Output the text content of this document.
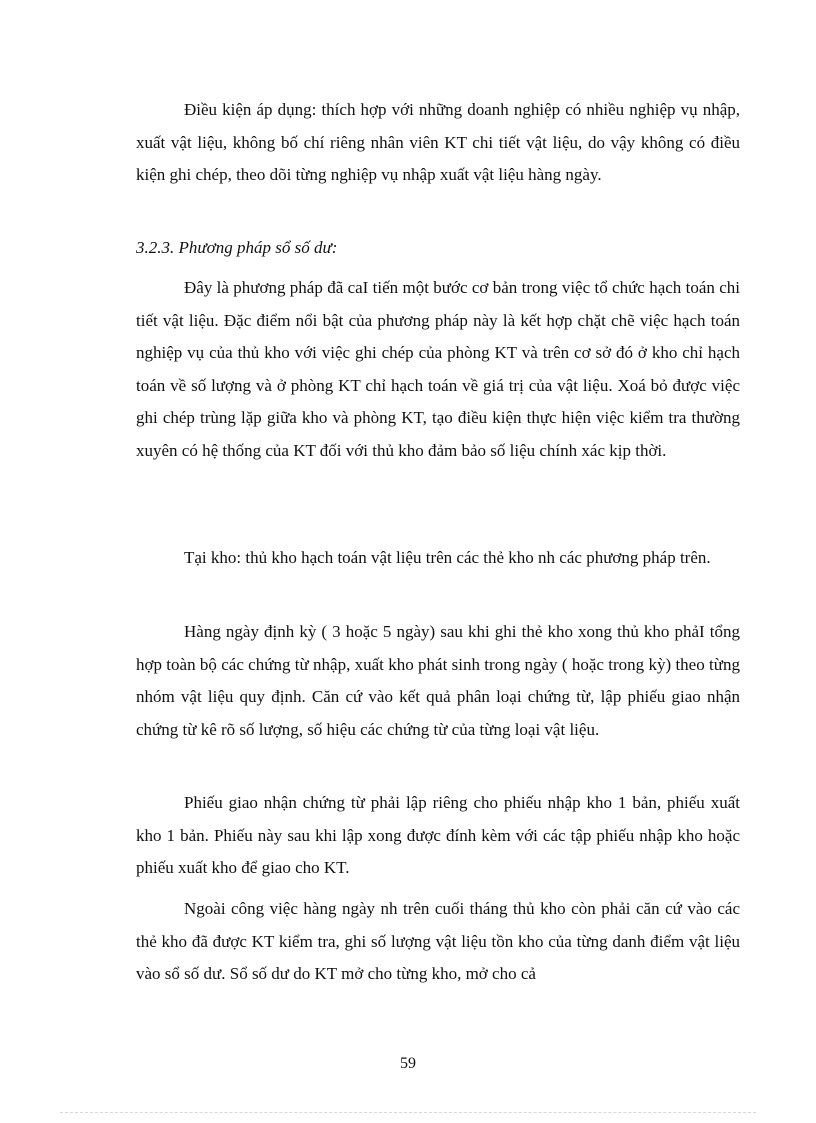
Điều kiện áp dụng: thích hợp với những doanh nghiệp có nhiều nghiệp vụ nhập, xuất vật liệu, không bố chí riêng nhân viên KT chi tiết vật liệu, do vậy không có điều kiện ghi chép, theo dõi từng nghiệp vụ nhập xuất vật liệu hàng ngày.

3.2.3. Phương pháp sổ số dư:

Đây là phương pháp đã caI tiến một bước cơ bản trong việc tổ chức hạch toán chi tiết vật liệu. Đặc điểm nổi bật của phương pháp này là kết hợp chặt chẽ việc hạch toán nghiệp vụ của thủ kho với việc ghi chép của phòng KT và trên cơ sở đó ở kho chỉ hạch toán về số lượng và ở phòng KT chỉ hạch toán về giá trị của vật liệu. Xoá bỏ được việc ghi chép trùng lặp giữa kho và phòng KT, tạo điều kiện thực hiện việc kiểm tra thường xuyên có hệ thống của KT đối với thủ kho đảm bảo số liệu chính xác kịp thời.

Tại kho: thủ kho hạch toán vật liệu trên các thẻ kho nh các phương pháp trên.

Hàng ngày định kỳ ( 3 hoặc 5 ngày) sau khi ghi thẻ kho xong thủ kho phảI tổng hợp toàn bộ các chứng từ nhập, xuất kho phát sinh trong ngày ( hoặc trong kỳ) theo từng nhóm vật liệu quy định. Căn cứ vào kết quả phân loại chứng từ, lập phiếu giao nhận chứng từ kê rõ số lượng, số hiệu các chứng từ của từng loại vật liệu.

Phiếu giao nhận chứng từ phải lập riêng cho phiếu nhập kho 1 bản, phiếu xuất kho 1 bản. Phiếu này sau khi lập xong được đính kèm với các tập phiếu nhập kho hoặc phiếu xuất kho để giao cho KT.

Ngoài công việc hàng ngày nh trên cuối tháng thủ kho còn phải căn cứ vào các thẻ kho đã được KT kiểm tra, ghi số lượng vật liệu tồn kho của từng danh điểm vật liệu vào sổ số dư. Sổ số dư do KT mở cho từng kho, mở cho cả

59
